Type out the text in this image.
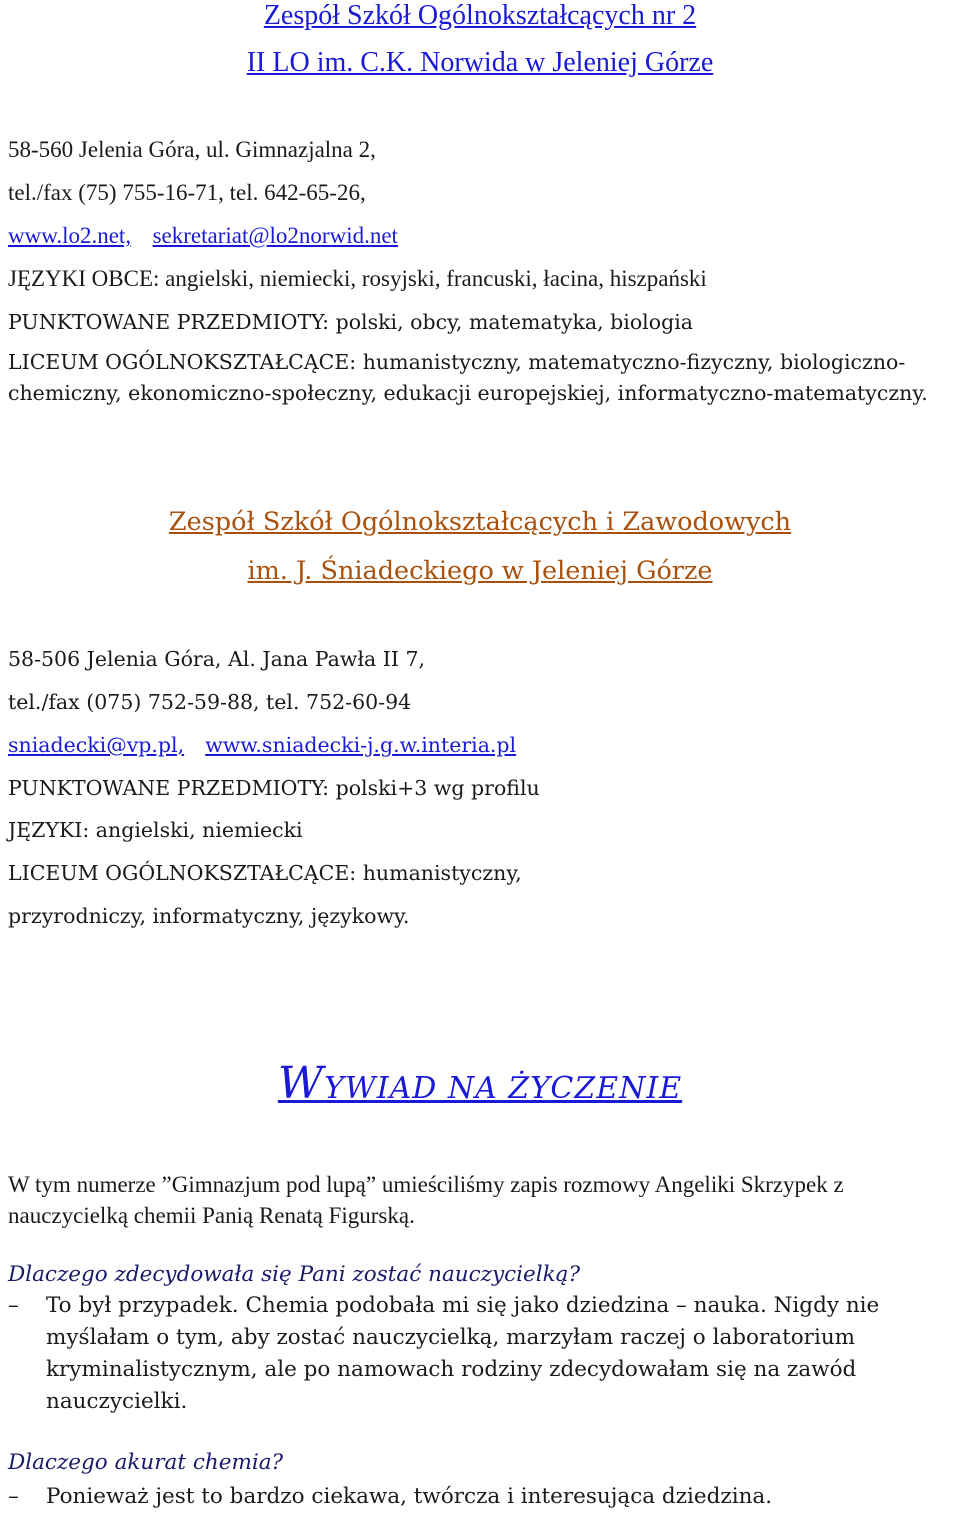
Zespół Szkół Ogólnokształcących nr 2
II LO im. C.K. Norwida w Jeleniej Górze
58-560 Jelenia Góra, ul. Gimnazjalna 2,
tel./fax (75) 755-16-71, tel. 642-65-26,
www.lo2.net, sekretariat@lo2norwid.net
JĘZYKI OBCE: angielski, niemiecki, rosyjski, francuski, łacina, hiszpański
PUNKTOWANE PRZEDMIOTY: polski, obcy, matematyka, biologia
LICEUM OGÓLNOKSZTAŁCĄCE: humanistyczny, matematyczno-fizyczny, biologiczno-
chemiczny, ekonomiczno-społeczny, edukacji europejskiej, informatyczno-matematyczny.
Zespół Szkół Ogólnokształcących i Zawodowych
im. J. Śniadeckiego w Jeleniej Górze
58-506 Jelenia Góra, Al. Jana Pawła II 7,
tel./fax (075) 752-59-88, tel. 752-60-94
sniadecki@vp.pl, www.sniadecki-j.g.w.interia.pl
PUNKTOWANE PRZEDMIOTY: polski+3 wg profilu
JĘZYKI: angielski, niemiecki
LICEUM OGÓLNOKSZTAŁCĄCE: humanistyczny,
przyrodniczy, informatyczny, językowy.
WYWIAD NA ŻYCZENIE
W tym numerze ”Gimnazjum pod lupą” umieściliśmy zapis rozmowy Angeliki Skrzypek z
nauczycielką chemii Panią Renatą Figurską.
Dlaczego zdecydowała się Pani zostać nauczycielką?
– To był przypadek. Chemia podobała mi się jako dziedzina – nauka. Nigdy nie
myślałam o tym, aby zostać nauczycielką, marzyłam raczej o laboratorium
kryminalistycznym, ale po namowach rodziny zdecydowałam się na zawód
nauczycielki.
Dlaczego akurat chemia?
– Ponieważ jest to bardzo ciekawa, twórcza i interesująca dziedzina.
